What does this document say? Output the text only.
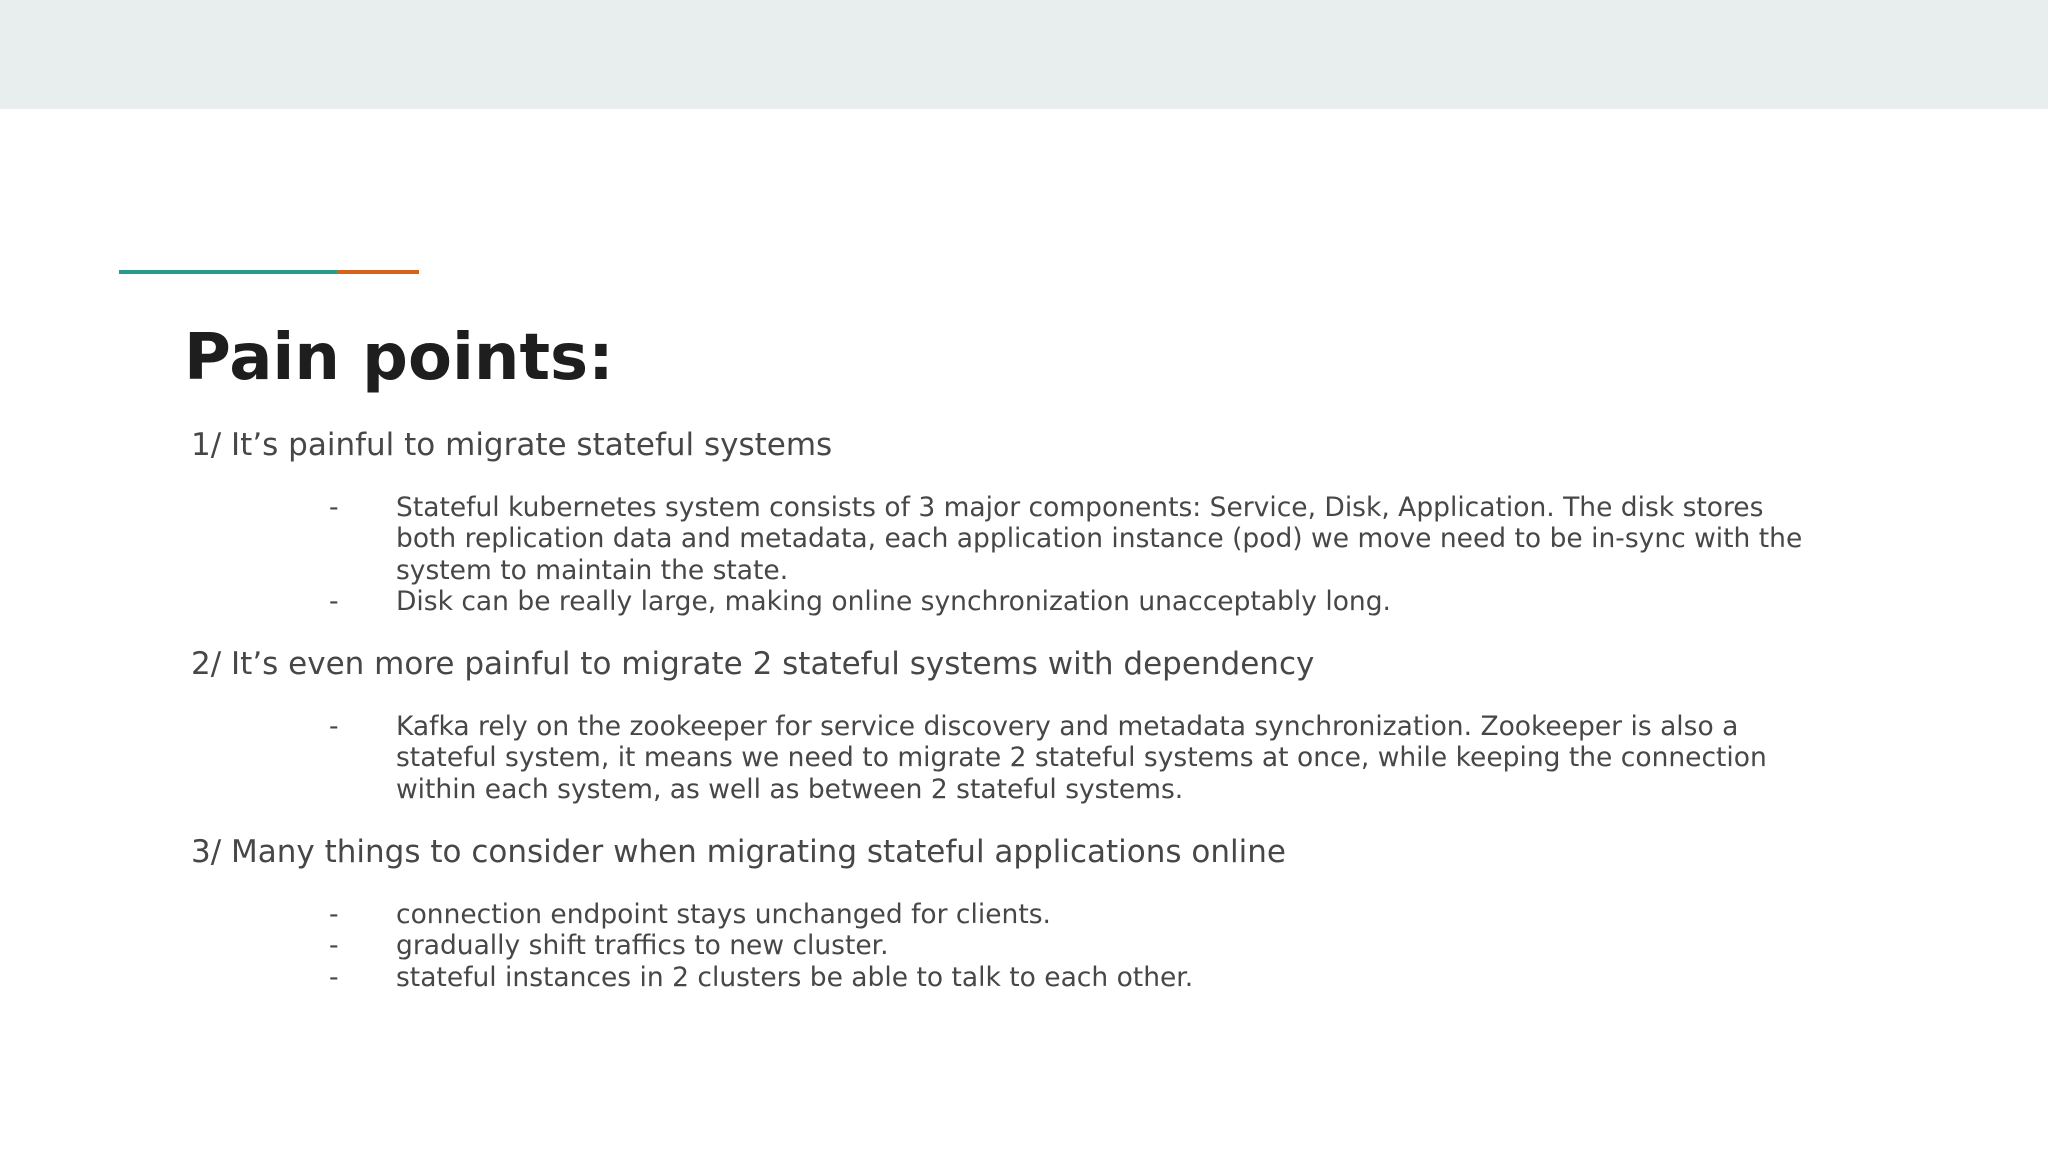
Pain points:

1/ It’s painful to migrate stateful systems

- Stateful kubernetes system consists of 3 major components: Service, Disk, Application. The disk stores both replication data and metadata, each application instance (pod) we move need to be in-sync with the system to maintain the state.
- Disk can be really large, making online synchronization unacceptably long.

2/ It’s even more painful to migrate 2 stateful systems with dependency

- Kafka rely on the zookeeper for service discovery and metadata synchronization. Zookeeper is also a stateful system, it means we need to migrate 2 stateful systems at once, while keeping the connection within each system, as well as between 2 stateful systems.

3/ Many things to consider when migrating stateful applications online

- connection endpoint stays unchanged for clients.
- gradually shift traffics to new cluster.
- stateful instances in 2 clusters be able to talk to each other.
